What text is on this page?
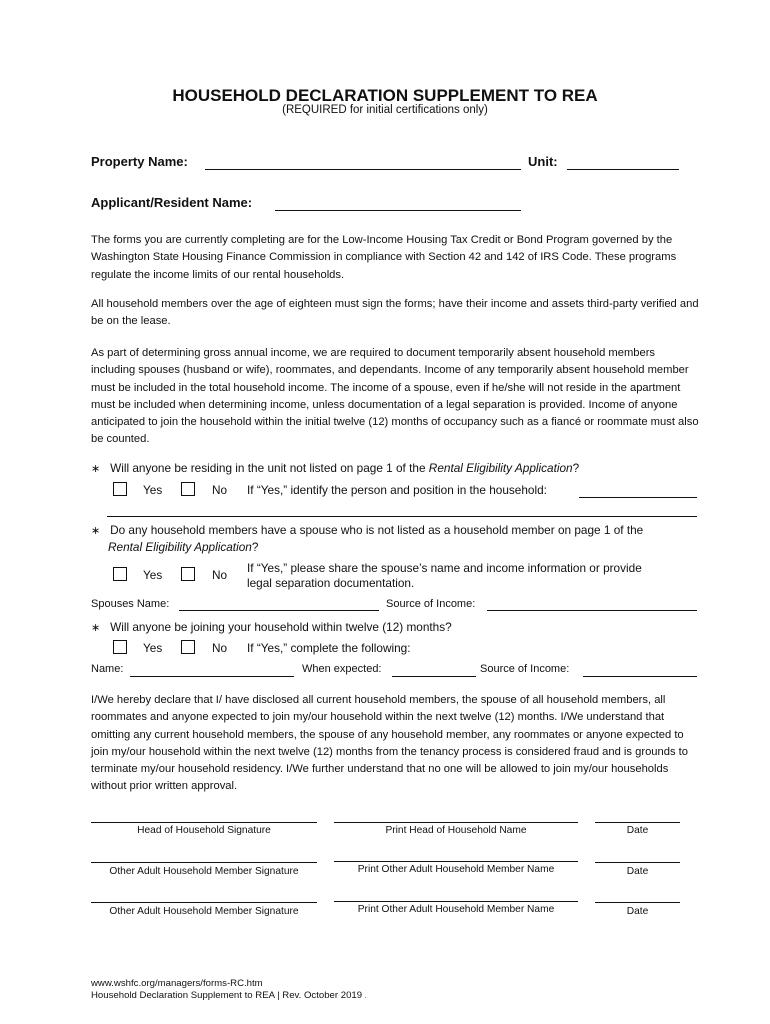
HOUSEHOLD DECLARATION SUPPLEMENT TO REA
(REQUIRED for initial certifications only)
Property Name:	Unit:
Applicant/Resident Name:
The forms you are currently completing are for the Low-Income Housing Tax Credit or Bond Program governed by the Washington State Housing Finance Commission in compliance with Section 42 and 142 of IRS Code. These programs regulate the income limits of our rental households.
All household members over the age of eighteen must sign the forms; have their income and assets third-party verified and be on the lease.
As part of determining gross annual income, we are required to document temporarily absent household members including spouses (husband or wife), roommates, and dependants. Income of any temporarily absent household member must be included in the total household income. The income of a spouse, even if he/she will not reside in the apartment must be included when determining income, unless documentation of a legal separation is provided. Income of anyone anticipated to join the household within the initial twelve (12) months of occupancy such as a fiancé or roommate must also be counted.
∗ Will anyone be residing in the unit not listed on page 1 of the Rental Eligibility Application?
Yes	No If “Yes,” identify the person and position in the household:
∗ Do any household members have a spouse who is not listed as a household member on page 1 of the
Rental Eligibility Application?
Yes	No If “Yes,” please share the spouse’s name and income information or provide
legal separation documentation.
Spouses Name:	Source of Income:
∗ Will anyone be joining your household within twelve (12) months?
Yes	No If “Yes,” complete the following:
Name:	When expected:	Source of Income:
I/We hereby declare that I/ have disclosed all current household members, the spouse of all household members, all roommates and anyone expected to join my/our household within the next twelve (12) months. I/We understand that omitting any current household members, the spouse of any household member, any roommates or anyone expected to join my/our household within the next twelve (12) months from the tenancy process is considered fraud and is grounds to terminate my/our household residency. I/We further understand that no one will be allowed to join my/our households without prior written approval.
Head of Household Signature	Print Head of Household Name	Date
Other Adult Household Member Signature	Print Other Adult Household Member Name	Date
Other Adult Household Member Signature	Print Other Adult Household Member Name	Date
www.wshfc.org/managers/forms-RC.htm
Household Declaration Supplement to REA | Rev. October 2019 .
